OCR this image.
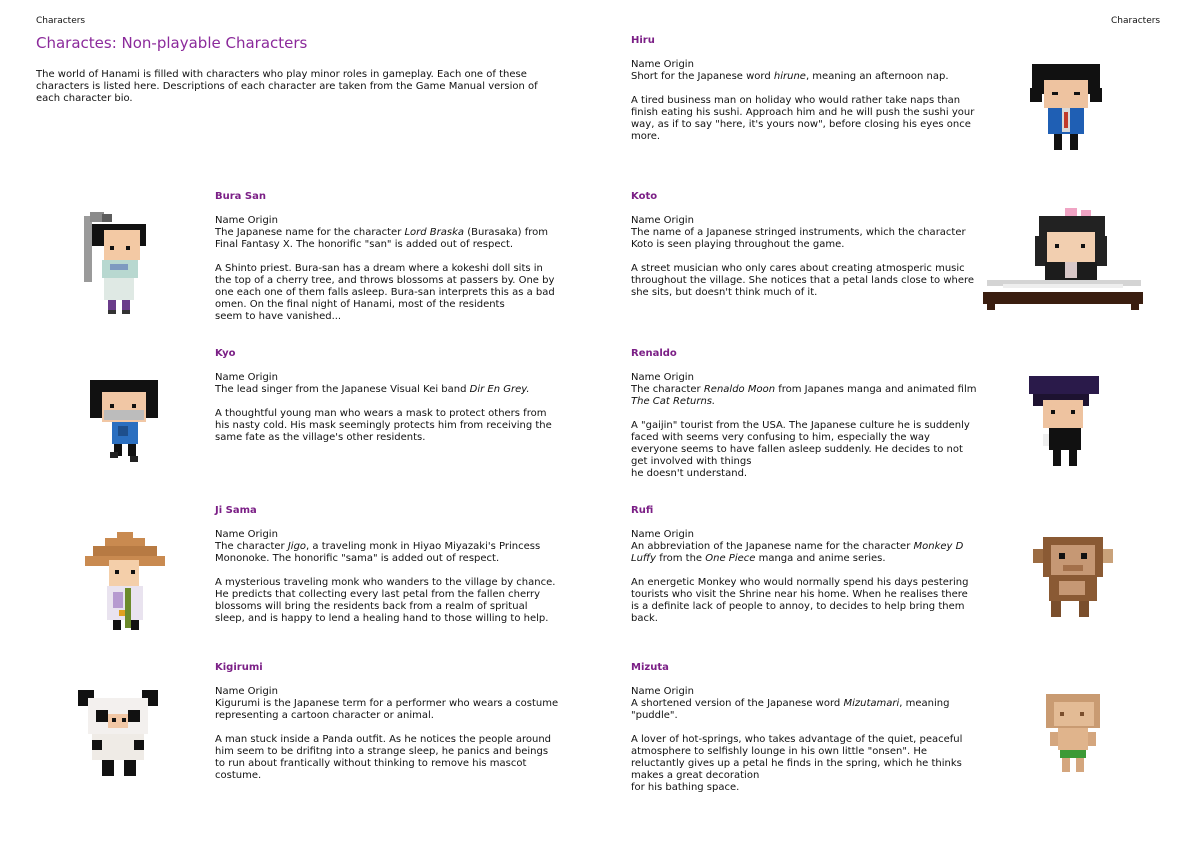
Characters	Characters
Charactes: Non-playable Characters
The world of Hanami is filled with characters who play minor roles in gameplay. Each one of these characters is listed here. Descriptions of each character are taken from the Game Manual version of each character bio.
Bura San

Name Origin

The Japanese name for the character Lord Braska (Burasaka) from Final Fantasy X. The honorific "san" is added out of respect.

A Shinto priest. Bura-san has a dream where a kokeshi doll sits in the top of a cherry tree, and throws blossoms at passers by. One by one each one of them falls asleep. Bura-san interprets this as a bad omen. On the final night of Hanami, most of the residents

seem to have vanished...

Kyo

Name Origin

The lead singer from the Japanese Visual Kei band Dir En Grey.

A thoughtful young man who wears a mask to protect others from his nasty cold. His mask seemingly protects him from receiving the same fate as the village's other residents.

Ji Sama

Name Origin

The character Jigo, a traveling monk in Hiyao Miyazaki's Princess Mononoke. The honorific "sama" is added out of respect.

A mysterious traveling monk who wanders to the village by chance. He predicts that collecting every last petal from the fallen cherry blossoms will bring the residents back from a realm of spritual sleep, and is happy to lend a healing hand to those willing to help.

Kigirumi

Name Origin

Kigurumi is the Japanese term for a performer who wears a costume representing a cartoon character or animal.

A man stuck inside a Panda outfit. As he notices the people around him seem to be drifitng into a strange sleep, he panics and beings to run about frantically without thinking to remove his mascot costume.

Hiru

Name Origin

Short for the Japanese word hirune, meaning an afternoon nap.

A tired business man on holiday who would rather take naps than finish eating his sushi. Approach him and he will push the sushi your way, as if to say "here, it's yours now", before closing his eyes once more.

Koto

Name Origin

The name of a Japanese stringed instruments, which the character Koto is seen playing throughout the game.

A street musician who only cares about creating atmosperic music throughout the village. She notices that a petal lands close to where she sits, but doesn't think much of it.

Renaldo

Name Origin

The character Renaldo Moon from Japanes manga and animated film The Cat Returns.

A "gaijin" tourist from the USA. The Japanese culture he is suddenly faced with seems very confusing to him, especially the way everyone seems to have fallen asleep suddenly. He decides to not get involved with things

he doesn't understand.

Rufi

Name Origin

An abbreviation of the Japanese name for the character Monkey D Luffy from the One Piece manga and anime series.

An energetic Monkey who would normally spend his days pestering tourists who visit the Shrine near his home. When he realises there is a definite lack of people to annoy, to decides to help bring them back.

Mizuta

Name Origin

A shortened version of the Japanese word Mizutamari, meaning "puddle".

A lover of hot-springs, who takes advantage of the quiet, peaceful atmosphere to selfishly lounge in his own little "onsen". He reluctantly gives up a petal he finds in the spring, which he thinks makes a great decoration

for his bathing space.
